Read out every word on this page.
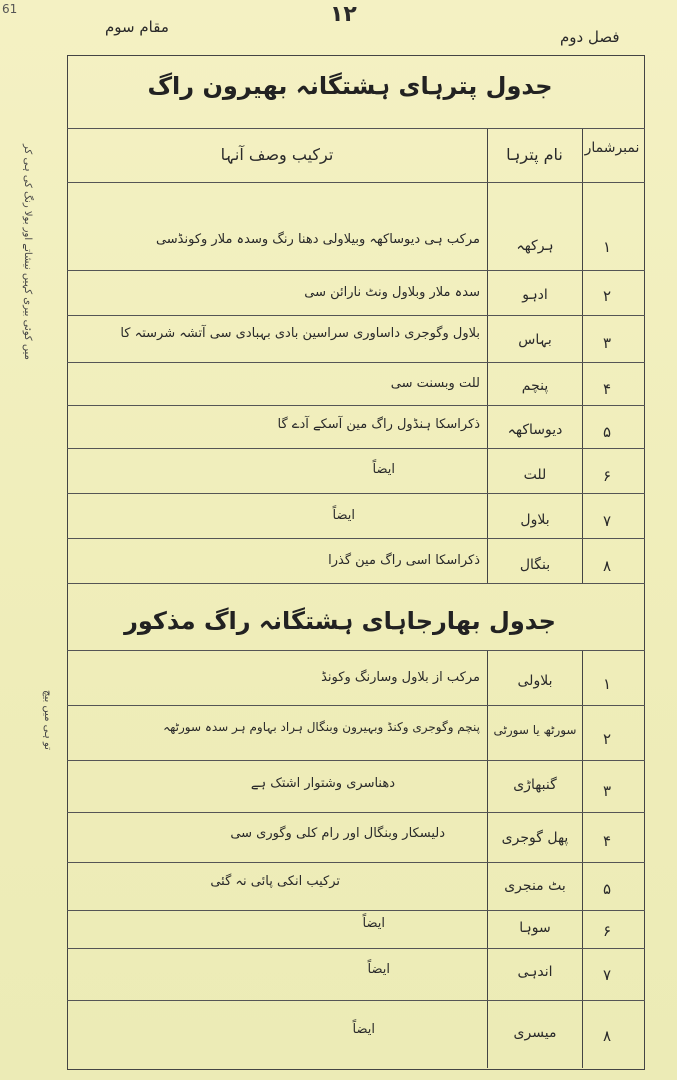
61	۱۲
مقام سوم
فصل دوم
میں کوئی بیری کہیں نیشاتے اور بولا رنگ کی ہی کر
تو ہی میں بیچ
جدول پترہای ہشتگانہ بھیرون راگ
نمبرشمار
نام پترہا
ترکیب وصف آنہا
جدول بھارجاہای ہشتگانہ راگ مذکور
۱
ہرکھہ
مرکب ہی دیوساکھہ وبیلاولی دھنا رنگ وسدہ ملار وکونڈسی
۲
ادہو
سدہ ملار وبلاول ونٹ نارائن سی
۳
بہاس
بلاول وگوجری داساوری سراسین بادی بہبادی سی آتشہ شرستہ کا
۴
پنچم
للت وبسنت سی
۵
دیوساکھہ
ذکراسکا ہنڈول راگ مین آسکے آدے گا
۶
للت
ایضاً
۷
بلاول
ایضاً
۸
بنگال
ذکراسکا اسی راگ مین گذرا
۱
بلاولی
مرکب از بلاول وسارنگ وکونڈ
۲
سورٹھ یا سورٹی
پنچم وگوجری وکنڈ وبہیرون وبنگال ہراد بہاوم ہر سدہ سورٹھہ
۳
گنبھاڑی
دھناسری وشتوار اشتک ہے
۴
پھل گوجری
دلیسکار وبنگال اور رام کلی وگوری سی
۵
بٹ منجری
ترکیب انکی پائی نہ گئی
۶
سوہا
ایضاً
۷
اندہی
ایضاً
۸
میسری
ایضاً
